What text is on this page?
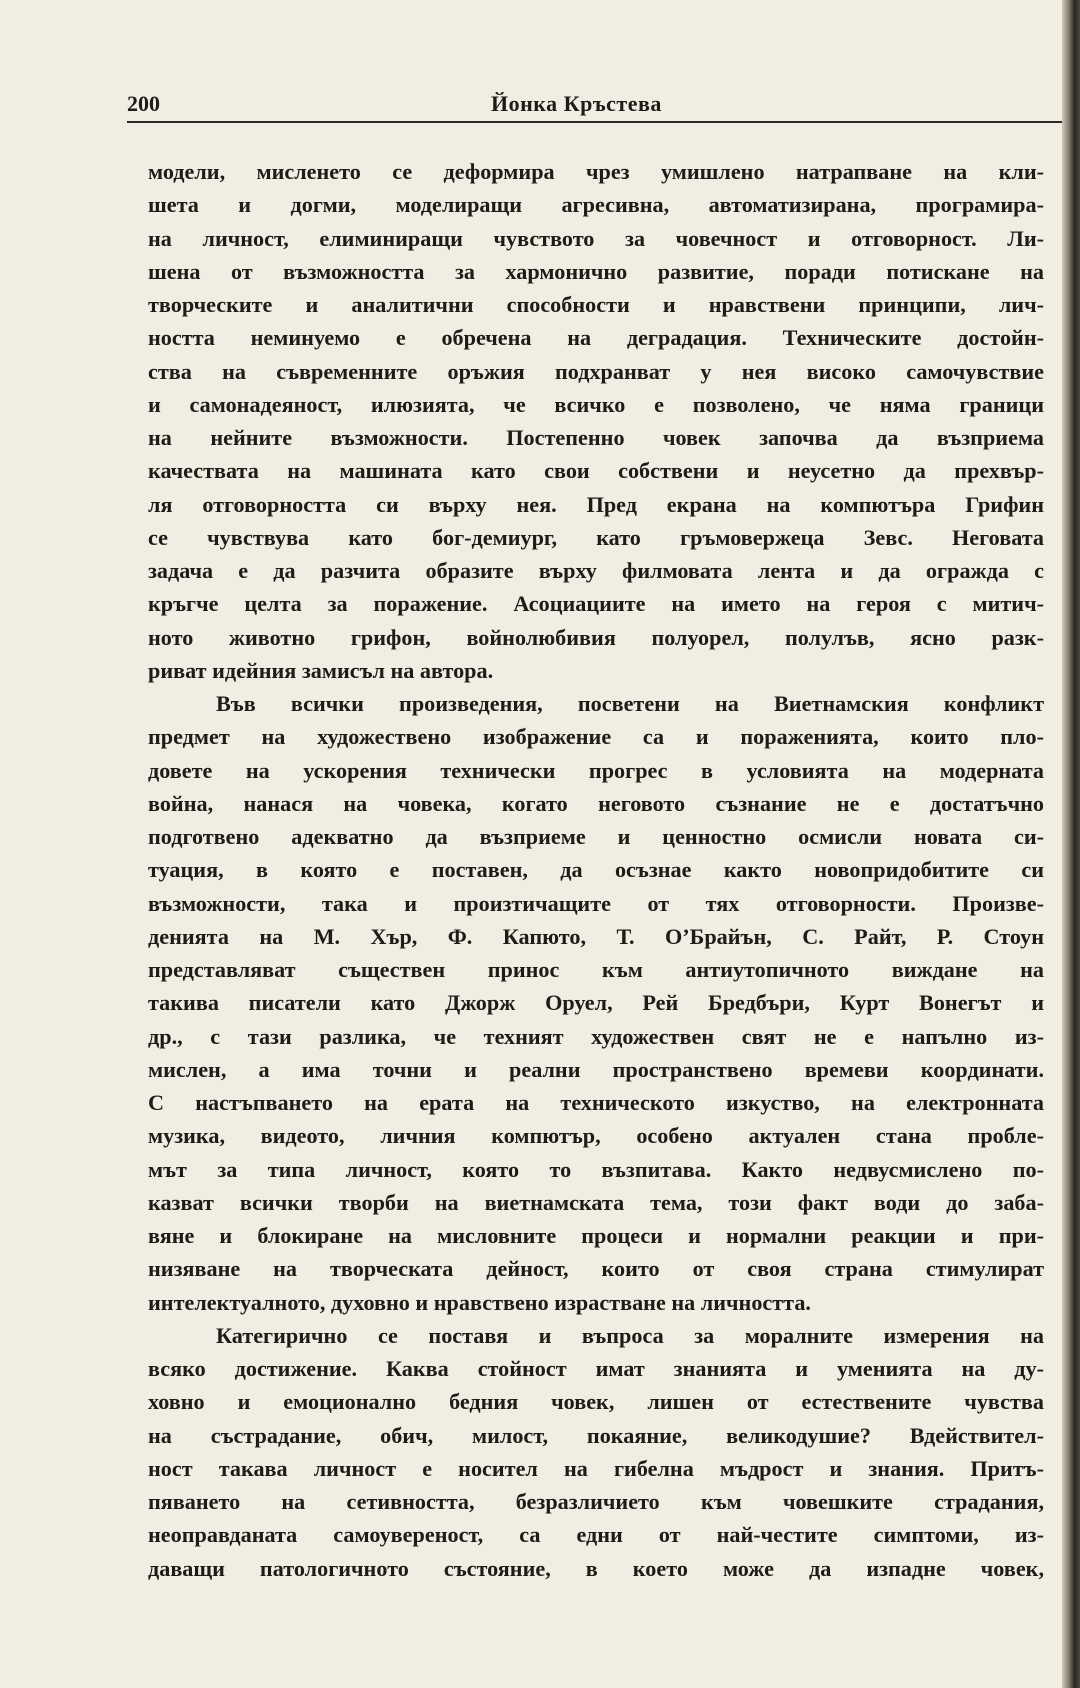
200	Йонка Кръстева
модели, мисленето се деформира чрез умишлено натрапване на кли-
шета и догми, моделиращи агресивна, автоматизирана, програмира-
на личност, елиминиращи чувството за човечност и отговорност. Ли-
шена от възможността за хармонично развитие, поради потискане на
творческите и аналитични способности и нравствени принципи, лич-
ността неминуемо е обречена на деградация. Техническите достойн-
ства на съвременните оръжия подхранват у нея високо самочувствие
и самонадеяност, илюзията, че всичко е позволено, че няма граници
на нейните възможности. Постепенно човек започва да възприема
качествата на машината като свои собствени и неусетно да прехвър-
ля отговорността си върху нея. Пред екрана на компютъра Грифин
се чувствува като бог-демиург, като гръмовержеца Зевс. Неговата
задача е да разчита образите върху филмовата лента и да огражда с
кръгче целта за поражение. Асоциациите на името на героя с митич-
ното животно грифон, войнолюбивия полуорел, полулъв, ясно разк-
риват идейния замисъл на автора.
Във всички произведения, посветени на Виетнамския конфликт
предмет на художествено изображение са и пораженията, които пло-
довете на ускорения технически прогрес в условията на модерната
война, нанася на човека, когато неговото съзнание не е достатъчно
подготвено адекватно да възприеме и ценностно осмисли новата си-
туация, в която е поставен, да осъзнае както новопридобитите си
възможности, така и произтичащите от тях отговорности. Произве-
денията на М. Хър, Ф. Капюто, Т. О’Брайън, С. Райт, Р. Стоун
представляват съществен принос към антиутопичното виждане на
такива писатели като Джорж Оруел, Рей Бредбъри, Курт Вонегът и
др., с тази разлика, че техният художествен свят не е напълно из-
мислен, а има точни и реални пространствено времеви координати.
С настъпването на ерата на техническото изкуство, на електронната
музика, видеото, личния компютър, особено актуален стана пробле-
мът за типа личност, която то възпитава. Както недвусмислено по-
казват всички творби на виетнамската тема, този факт води до заба-
вяне и блокиране на мисловните процеси и нормални реакции и при-
низяване на творческата дейност, които от своя страна стимулират
интелектуалното, духовно и нравствено израстване на личността.
Категирично се поставя и въпроса за моралните измерения на
всяко достижение. Каква стойност имат знанията и уменията на ду-
ховно и емоционално бедния човек, лишен от естествените чувства
на състрадание, обич, милост, покаяние, великодушие? Вдействител-
ност такава личност е носител на гибелна мъдрост и знания. Притъ-
пяването на сетивността, безразличието към човешките страдания,
неоправданата самоувереност, са едни от най-честите симптоми, из-
даващи патологичното състояние, в което може да изпадне човек,
